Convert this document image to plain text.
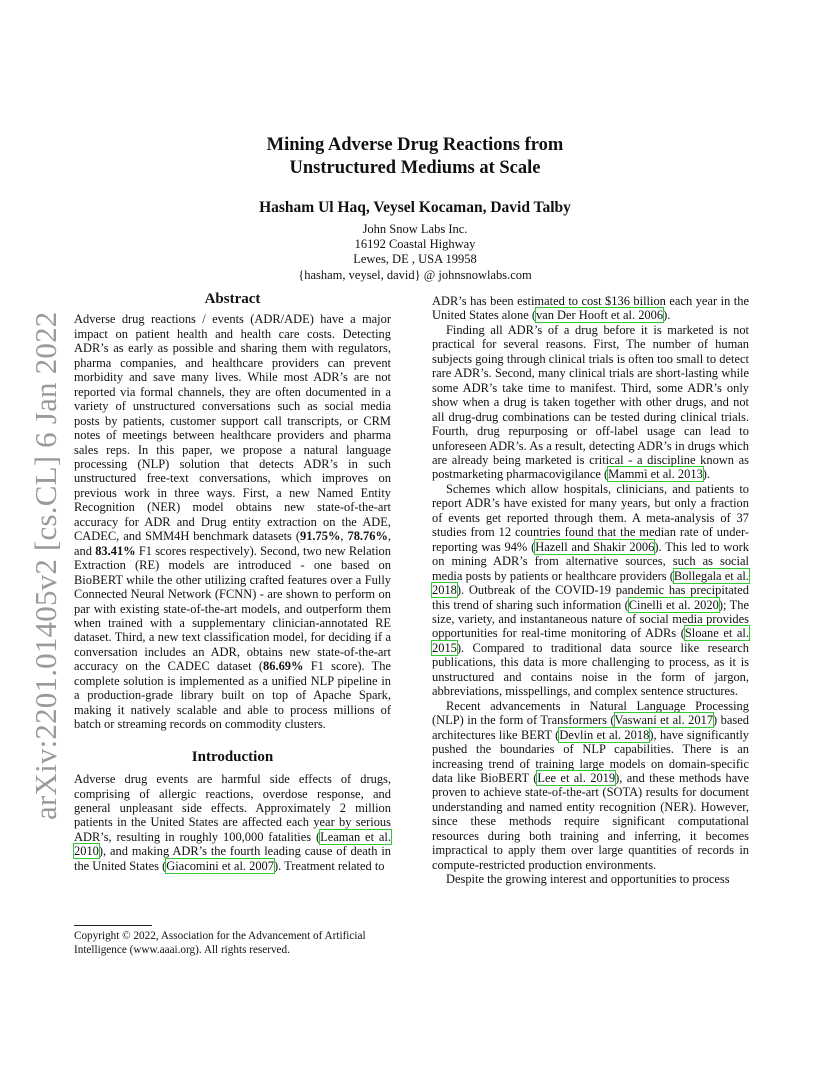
arXiv:2201.01405v2 [cs.CL] 6 Jan 2022

Mining Adverse Drug Reactions from
Unstructured Mediums at Scale

Hasham Ul Haq, Veysel Kocaman, David Talby

John Snow Labs Inc.
16192 Coastal Highway
Lewes, DE , USA 19958
{hasham, veysel, david} @ johnsnowlabs.com
Abstract

Adverse drug reactions / events (ADR/ADE) have a major impact on patient health and health care costs. Detecting ADR’s as early as possible and sharing them with regulators, pharma companies, and healthcare providers can prevent morbidity and save many lives. While most ADR’s are not reported via formal channels, they are often documented in a variety of unstructured conversations such as social media posts by patients, customer support call transcripts, or CRM notes of meetings between healthcare providers and pharma sales reps. In this paper, we propose a natural language processing (NLP) solution that detects ADR’s in such unstructured free-text conversations, which improves on previous work in three ways. First, a new Named Entity Recognition (NER) model obtains new state-of-the-art accuracy for ADR and Drug entity extraction on the ADE, CADEC, and SMM4H benchmark datasets (91.75%, 78.76%, and 83.41% F1 scores respectively). Second, two new Relation Extraction (RE) models are introduced - one based on BioBERT while the other utilizing crafted features over a Fully Connected Neural Network (FCNN) - are shown to perform on par with existing state-of-the-art models, and outperform them when trained with a supplementary clinician-annotated RE dataset. Third, a new text classification model, for deciding if a conversation includes an ADR, obtains new state-of-the-art accuracy on the CADEC dataset (86.69% F1 score). The complete solution is implemented as a unified NLP pipeline in a production-grade library built on top of Apache Spark, making it natively scalable and able to process millions of batch or streaming records on commodity clusters.

Introduction

Adverse drug events are harmful side effects of drugs, comprising of allergic reactions, overdose response, and general unpleasant side effects. Approximately 2 million patients in the United States are affected each year by serious ADR’s, resulting in roughly 100,000 fatalities (Leaman et al. 2010), and making ADR’s the fourth leading cause of death in the United States (Giacomini et al. 2007). Treatment related to

ADR’s has been estimated to cost $136 billion each year in the United States alone (van Der Hooft et al. 2006).

Finding all ADR’s of a drug before it is marketed is not practical for several reasons. First, The number of human subjects going through clinical trials is often too small to detect rare ADR’s. Second, many clinical trials are short-lasting while some ADR’s take time to manifest. Third, some ADR’s only show when a drug is taken together with other drugs, and not all drug-drug combinations can be tested during clinical trials. Fourth, drug repurposing or off-label usage can lead to unforeseen ADR’s. As a result, detecting ADR’s in drugs which are already being marketed is critical - a discipline known as postmarketing pharmacovigilance (Mammì et al. 2013).

Schemes which allow hospitals, clinicians, and patients to report ADR’s have existed for many years, but only a fraction of events get reported through them. A meta-analysis of 37 studies from 12 countries found that the median rate of under-reporting was 94% (Hazell and Shakir 2006). This led to work on mining ADR’s from alternative sources, such as social media posts by patients or healthcare providers (Bollegala et al. 2018). Outbreak of the COVID-19 pandemic has precipitated this trend of sharing such information (Cinelli et al. 2020); The size, variety, and instantaneous nature of social media provides opportunities for real-time monitoring of ADRs (Sloane et al. 2015). Compared to traditional data source like research publications, this data is more challenging to process, as it is unstructured and contains noise in the form of jargon, abbreviations, misspellings, and complex sentence structures.

Recent advancements in Natural Language Processing (NLP) in the form of Transformers (Vaswani et al. 2017) based architectures like BERT (Devlin et al. 2018), have significantly pushed the boundaries of NLP capabilities. There is an increasing trend of training large models on domain-specific data like BioBERT (Lee et al. 2019), and these methods have proven to achieve state-of-the-art (SOTA) results for document understanding and named entity recognition (NER). However, since these methods require significant computational resources during both training and inferring, it becomes impractical to apply them over large quantities of records in compute-restricted production environments.

Despite the growing interest and opportunities to process

Copyright © 2022, Association for the Advancement of Artificial Intelligence (www.aaai.org). All rights reserved.
